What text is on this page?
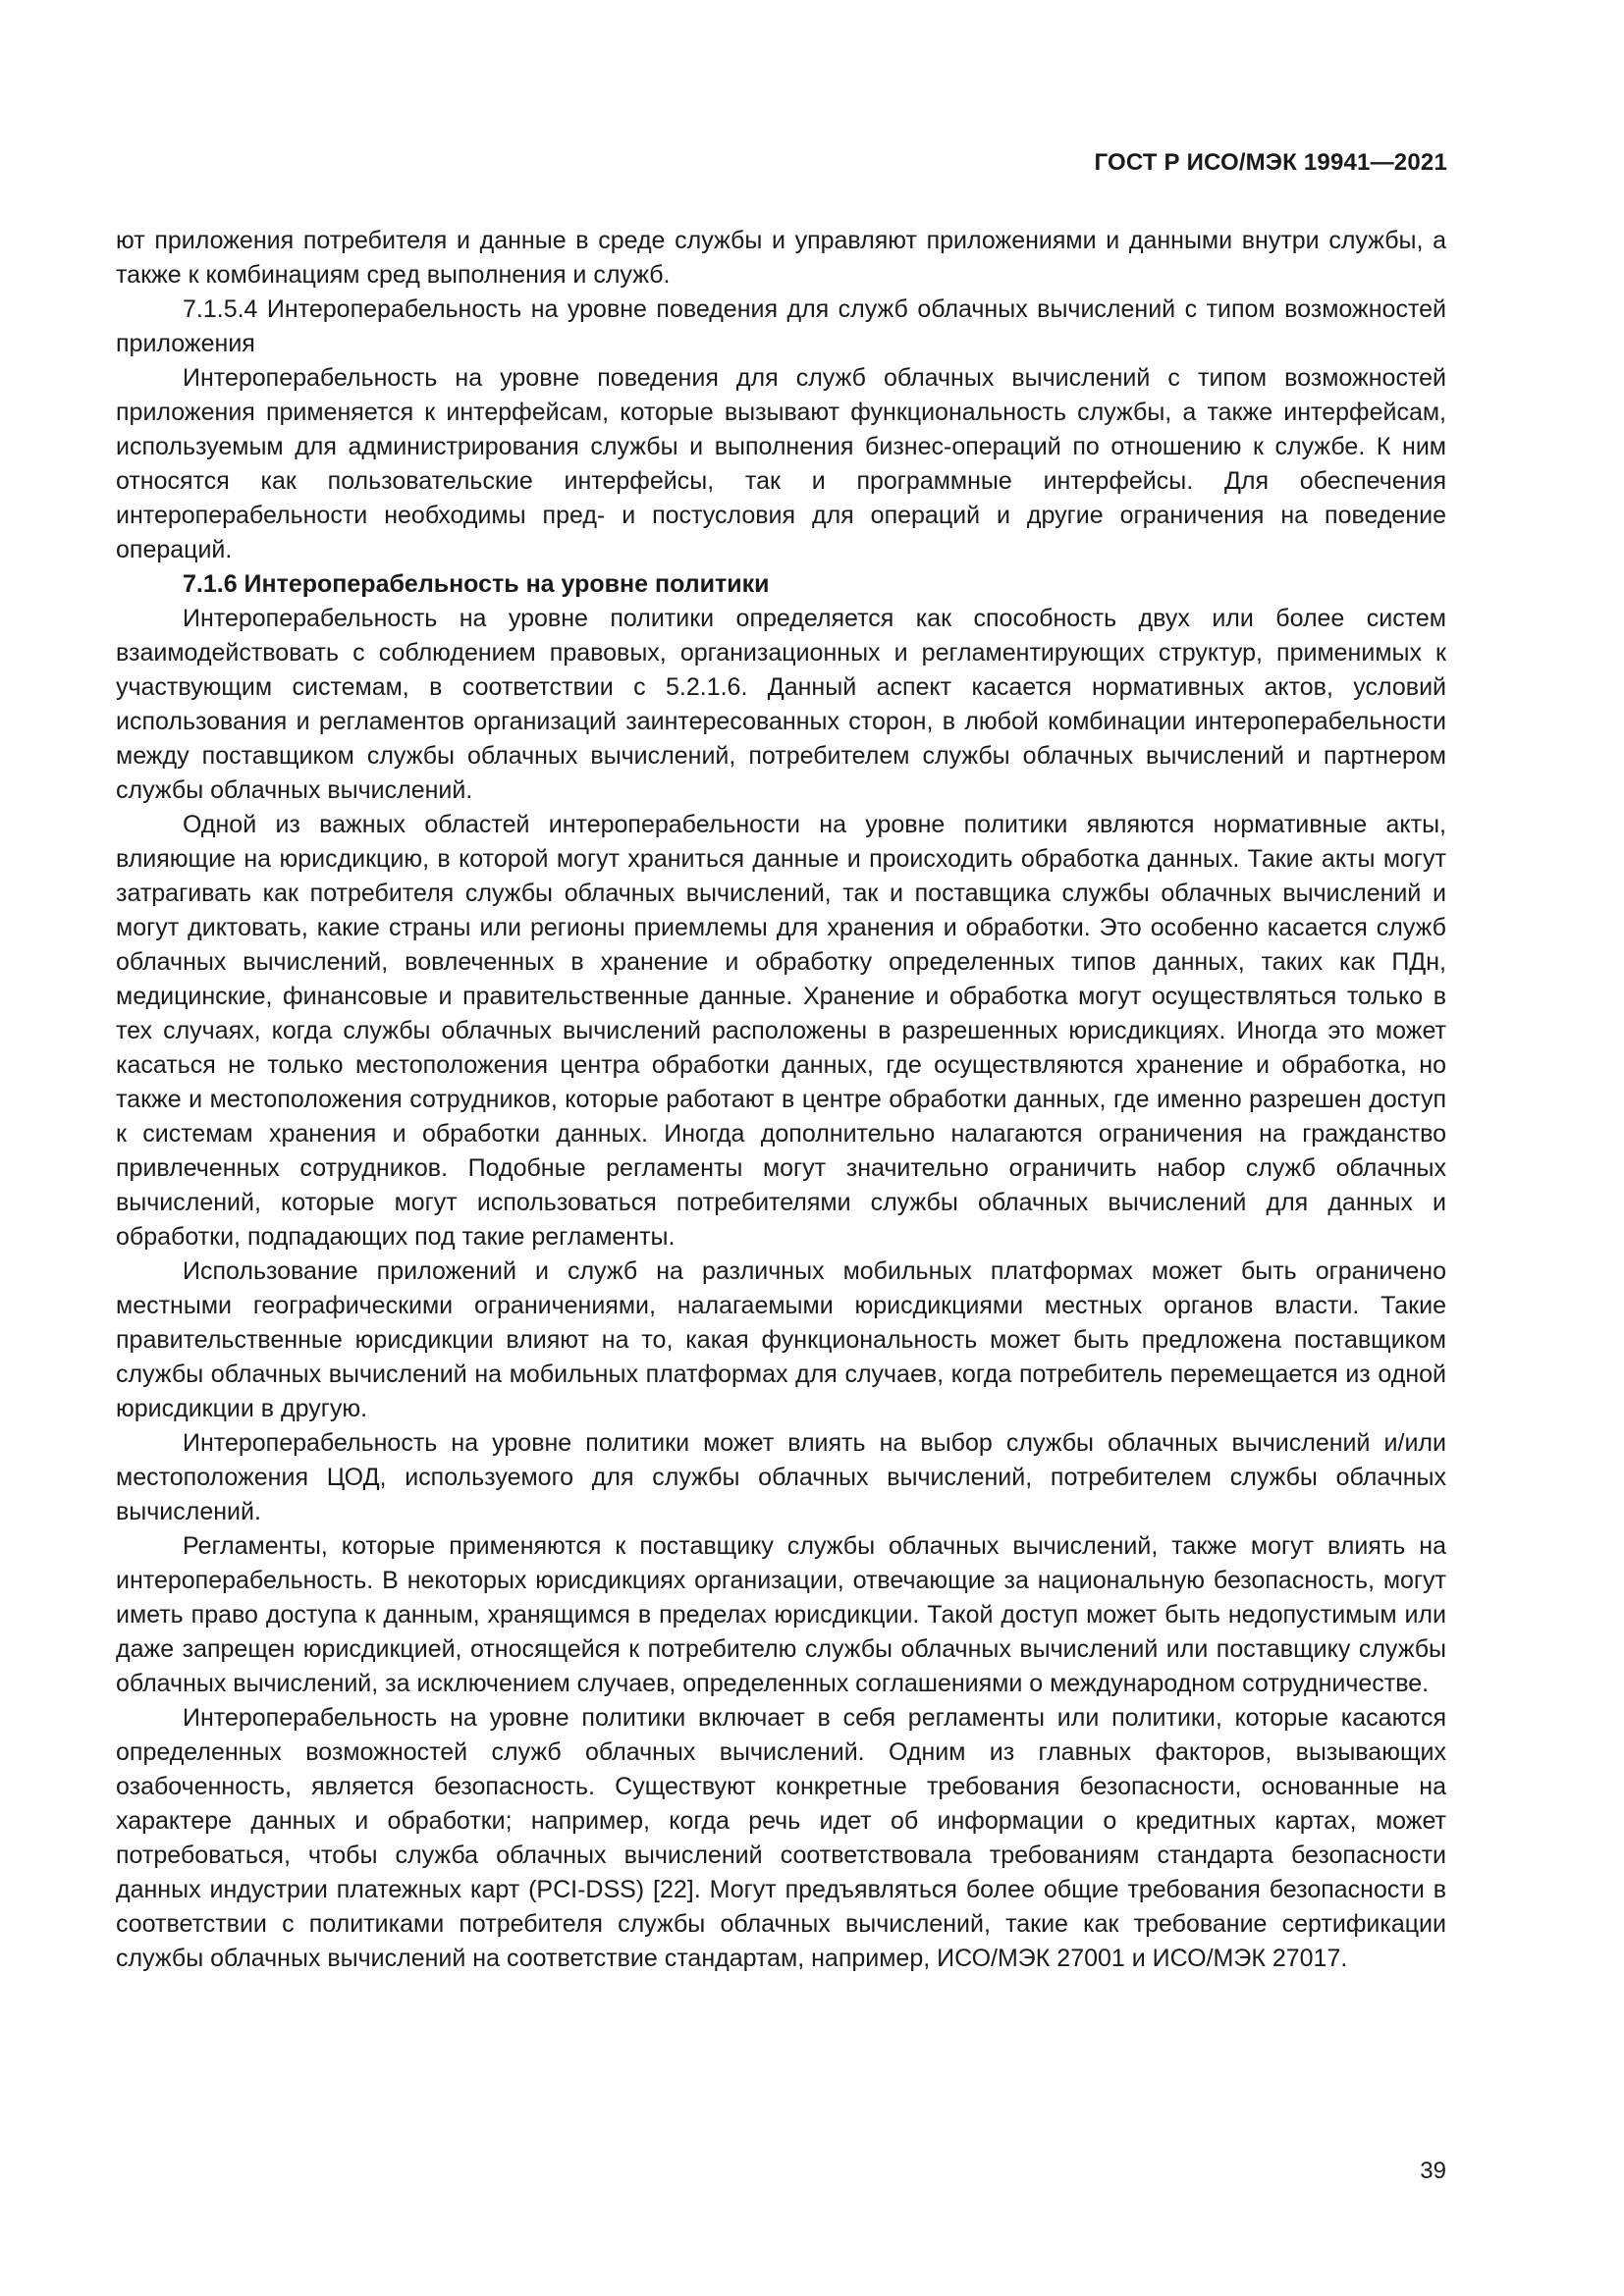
ГОСТ Р ИСО/МЭК 19941—2021

ют приложения потребителя и данные в среде службы и управляют приложениями и данными внутри службы, а также к комбинациям сред выполнения и служб.

7.1.5.4 Интероперабельность на уровне поведения для служб облачных вычислений с типом возможностей приложения

Интероперабельность на уровне поведения для служб облачных вычислений с типом возможностей приложения применяется к интерфейсам, которые вызывают функциональность службы, а также интерфейсам, используемым для администрирования службы и выполнения бизнес-операций по отношению к службе. К ним относятся как пользовательские интерфейсы, так и программные интерфейсы. Для обеспечения интероперабельности необходимы пред- и постусловия для операций и другие ограничения на поведение операций.

7.1.6 Интероперабельность на уровне политики

Интероперабельность на уровне политики определяется как способность двух или более систем взаимодействовать с соблюдением правовых, организационных и регламентирующих структур, применимых к участвующим системам, в соответствии с 5.2.1.6. Данный аспект касается нормативных актов, условий использования и регламентов организаций заинтересованных сторон, в любой комбинации интероперабельности между поставщиком службы облачных вычислений, потребителем службы облачных вычислений и партнером службы облачных вычислений.

Одной из важных областей интероперабельности на уровне политики являются нормативные акты, влияющие на юрисдикцию, в которой могут храниться данные и происходить обработка данных. Такие акты могут затрагивать как потребителя службы облачных вычислений, так и поставщика службы облачных вычислений и могут диктовать, какие страны или регионы приемлемы для хранения и обработки. Это особенно касается служб облачных вычислений, вовлеченных в хранение и обработку определенных типов данных, таких как ПДн, медицинские, финансовые и правительственные данные. Хранение и обработка могут осуществляться только в тех случаях, когда службы облачных вычислений расположены в разрешенных юрисдикциях. Иногда это может касаться не только местоположения центра обработки данных, где осуществляются хранение и обработка, но также и местоположения сотрудников, которые работают в центре обработки данных, где именно разрешен доступ к системам хранения и обработки данных. Иногда дополнительно налагаются ограничения на гражданство привлеченных сотрудников. Подобные регламенты могут значительно ограничить набор служб облачных вычислений, которые могут использоваться потребителями службы облачных вычислений для данных и обработки, подпадающих под такие регламенты.

Использование приложений и служб на различных мобильных платформах может быть ограничено местными географическими ограничениями, налагаемыми юрисдикциями местных органов власти. Такие правительственные юрисдикции влияют на то, какая функциональность может быть предложена поставщиком службы облачных вычислений на мобильных платформах для случаев, когда потребитель перемещается из одной юрисдикции в другую.

Интероперабельность на уровне политики может влиять на выбор службы облачных вычислений и/или местоположения ЦОД, используемого для службы облачных вычислений, потребителем службы облачных вычислений.

Регламенты, которые применяются к поставщику службы облачных вычислений, также могут влиять на интероперабельность. В некоторых юрисдикциях организации, отвечающие за национальную безопасность, могут иметь право доступа к данным, хранящимся в пределах юрисдикции. Такой доступ может быть недопустимым или даже запрещен юрисдикцией, относящейся к потребителю службы облачных вычислений или поставщику службы облачных вычислений, за исключением случаев, определенных соглашениями о международном сотрудничестве.

Интероперабельность на уровне политики включает в себя регламенты или политики, которые касаются определенных возможностей служб облачных вычислений. Одним из главных факторов, вызывающих озабоченность, является безопасность. Существуют конкретные требования безопасности, основанные на характере данных и обработки; например, когда речь идет об информации о кредитных картах, может потребоваться, чтобы служба облачных вычислений соответствовала требованиям стандарта безопасности данных индустрии платежных карт (PCI-DSS) [22]. Могут предъявляться более общие требования безопасности в соответствии с политиками потребителя службы облачных вычислений, такие как требование сертификации службы облачных вычислений на соответствие стандартам, например, ИСО/МЭК 27001 и ИСО/МЭК 27017.

39
